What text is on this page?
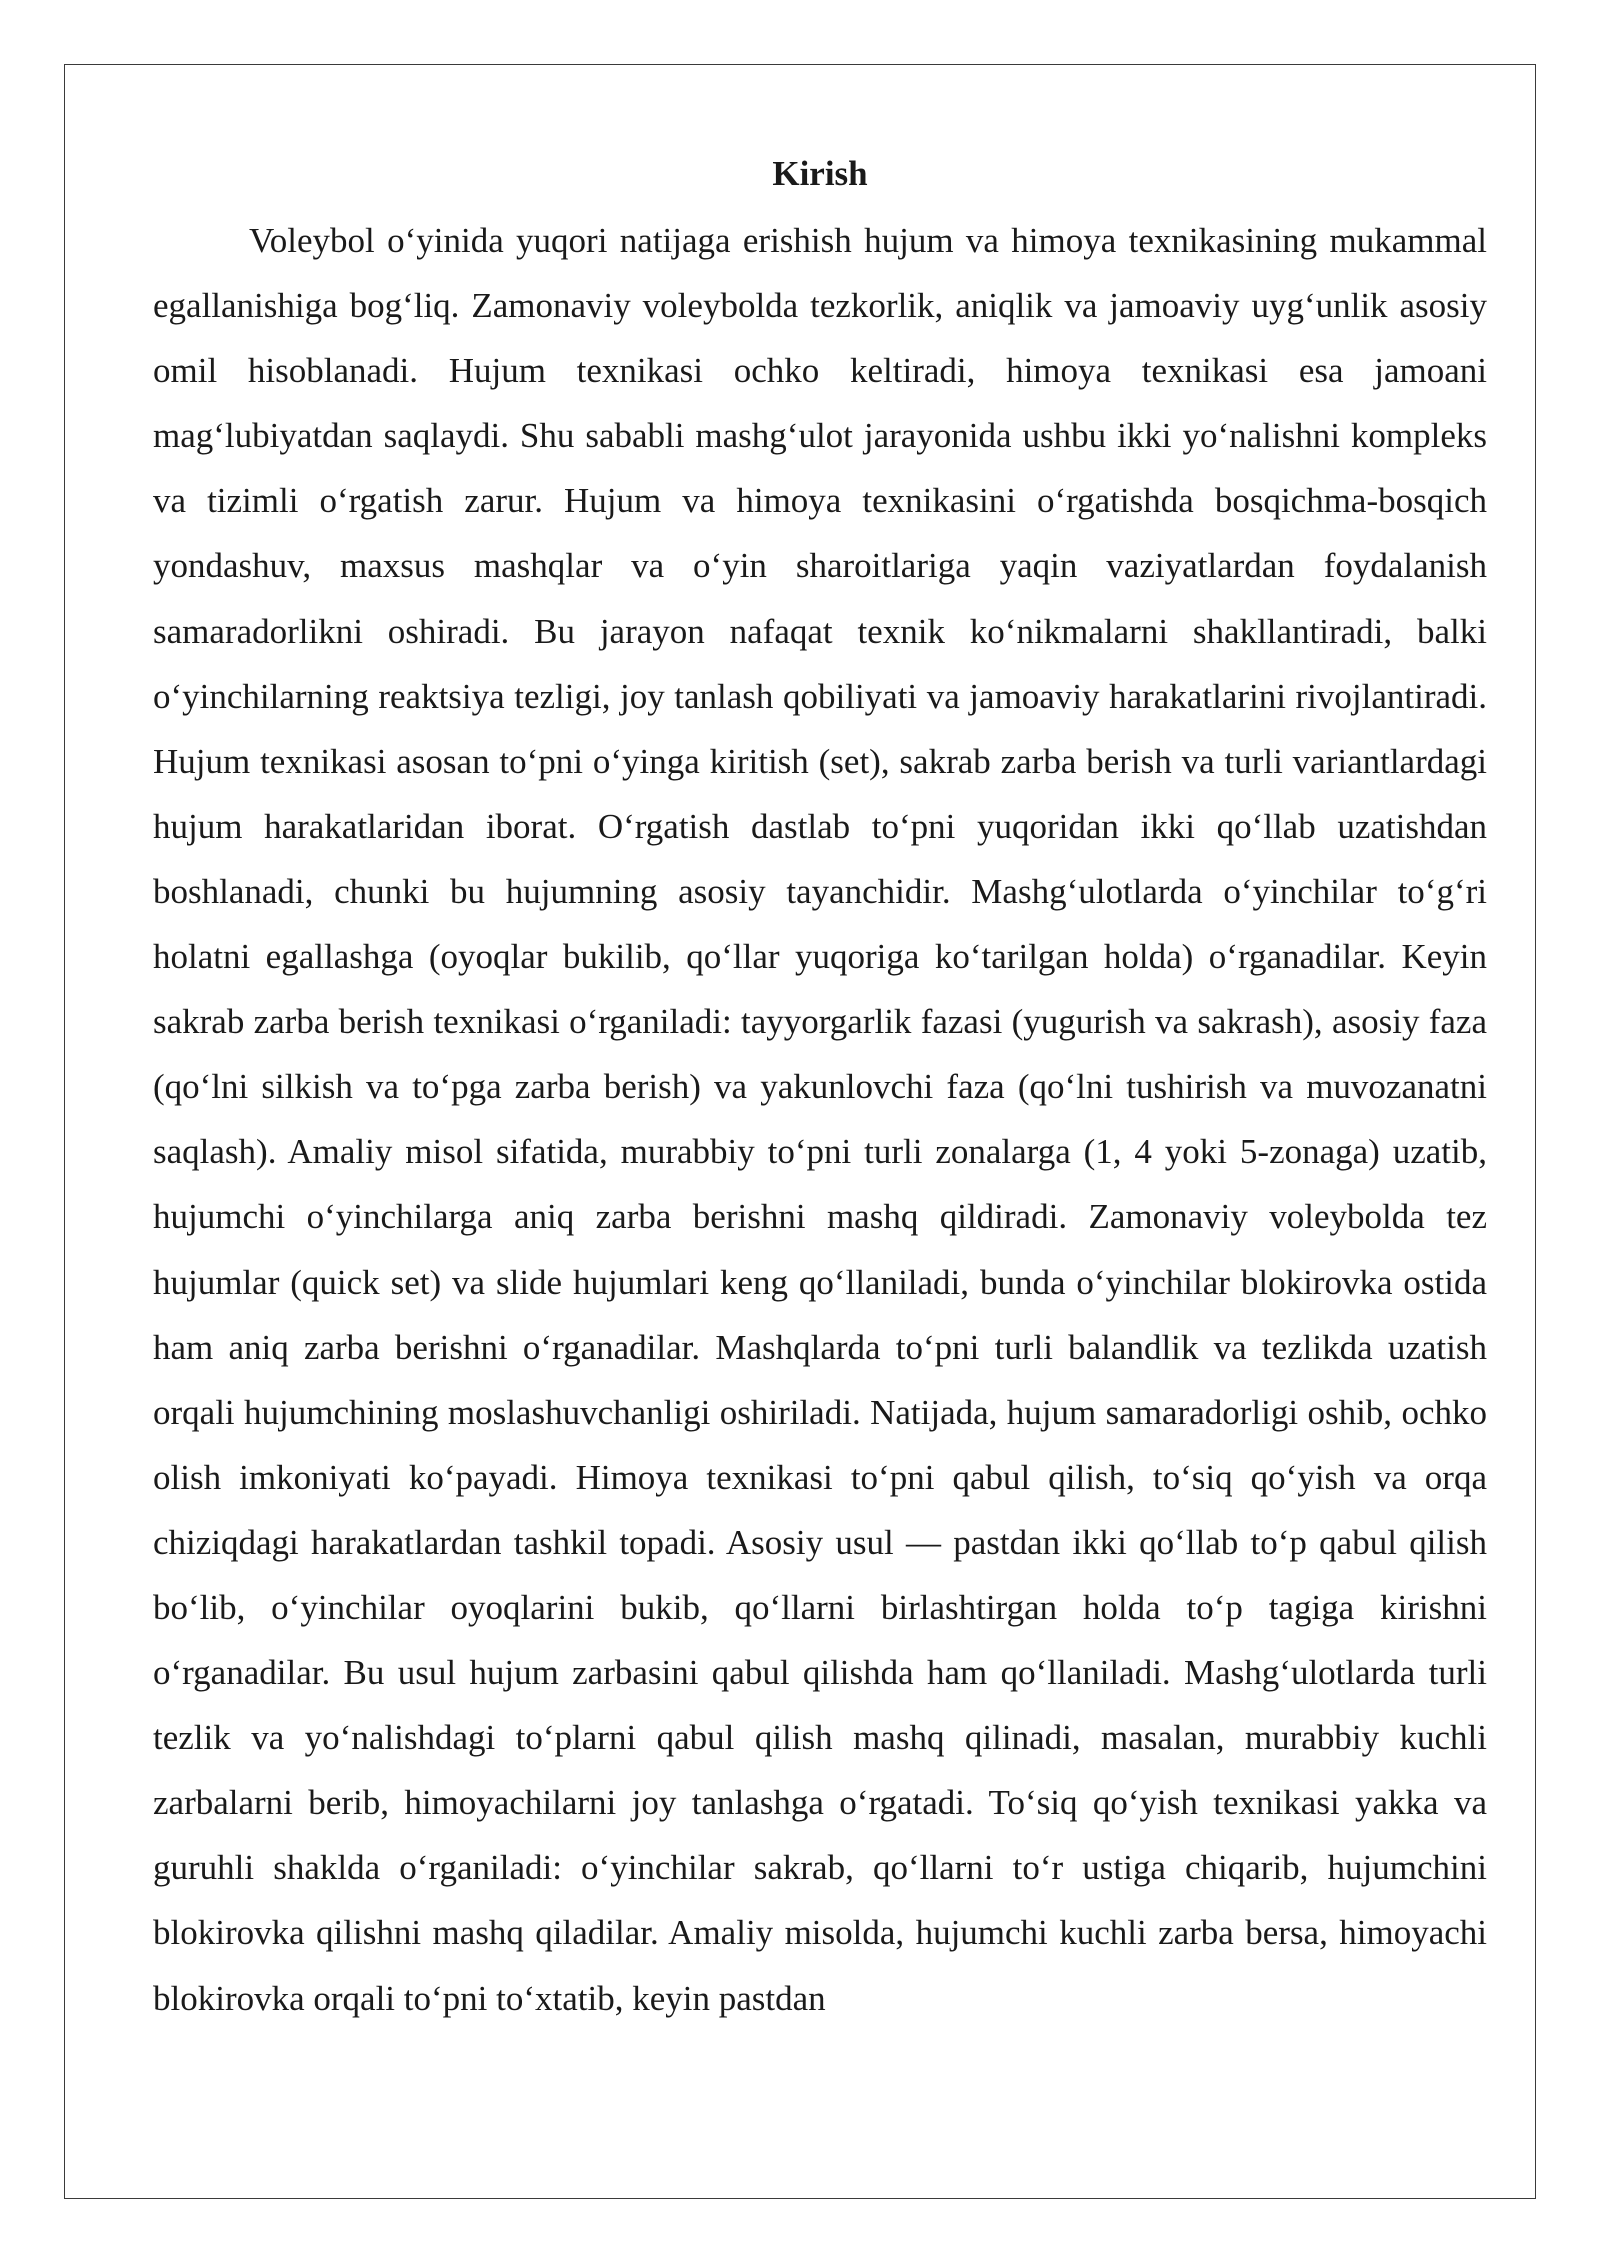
Kirish

Voleybol o‘yinida yuqori natijaga erishish hujum va himoya texnikasining mukammal egallanishiga bog‘liq. Zamonaviy voleybolda tezkorlik, aniqlik va jamoaviy uyg‘unlik asosiy omil hisoblanadi. Hujum texnikasi ochko keltiradi, himoya texnikasi esa jamoani mag‘lubiyatdan saqlaydi. Shu sababli mashg‘ulot jarayonida ushbu ikki yo‘nalishni kompleks va tizimli o‘rgatish zarur. Hujum va himoya texnikasini o‘rgatishda bosqichma-bosqich yondashuv, maxsus mashqlar va o‘yin sharoitlariga yaqin vaziyatlardan foydalanish samaradorlikni oshiradi. Bu jarayon nafaqat texnik ko‘nikmalarni shakllantiradi, balki o‘yinchilarning reaktsiya tezligi, joy tanlash qobiliyati va jamoaviy harakatlarini rivojlantiradi. Hujum texnikasi asosan to‘pni o‘yinga kiritish (set), sakrab zarba berish va turli variantlardagi hujum harakatlaridan iborat. O‘rgatish dastlab to‘pni yuqoridan ikki qo‘llab uzatishdan boshlanadi, chunki bu hujumning asosiy tayanchidir. Mashg‘ulotlarda o‘yinchilar to‘g‘ri holatni egallashga (oyoqlar bukilib, qo‘llar yuqoriga ko‘tarilgan holda) o‘rganadilar. Keyin sakrab zarba berish texnikasi o‘rganiladi: tayyorgarlik fazasi (yugurish va sakrash), asosiy faza (qo‘lni silkish va to‘pga zarba berish) va yakunlovchi faza (qo‘lni tushirish va muvozanatni saqlash). Amaliy misol sifatida, murabbiy to‘pni turli zonalarga (1, 4 yoki 5-zonaga) uzatib, hujumchi o‘yinchilarga aniq zarba berishni mashq qildiradi. Zamonaviy voleybolda tez hujumlar (quick set) va slide hujumlari keng qo‘llaniladi, bunda o‘yinchilar blokirovka ostida ham aniq zarba berishni o‘rganadilar. Mashqlarda to‘pni turli balandlik va tezlikda uzatish orqali hujumchining moslashuvchanligi oshiriladi. Natijada, hujum samaradorligi oshib, ochko olish imkoniyati ko‘payadi. Himoya texnikasi to‘pni qabul qilish, to‘siq qo‘yish va orqa chiziqdagi harakatlardan tashkil topadi. Asosiy usul — pastdan ikki qo‘llab to‘p qabul qilish bo‘lib, o‘yinchilar oyoqlarini bukib, qo‘llarni birlashtirgan holda to‘p tagiga kirishni o‘rganadilar. Bu usul hujum zarbasini qabul qilishda ham qo‘llaniladi. Mashg‘ulotlarda turli tezlik va yo‘nalishdagi to‘plarni qabul qilish mashq qilinadi, masalan, murabbiy kuchli zarbalarni berib, himoyachilarni joy tanlashga o‘rgatadi. To‘siq qo‘yish texnikasi yakka va guruhli shaklda o‘rganiladi: o‘yinchilar sakrab, qo‘llarni to‘r ustiga chiqarib, hujumchini blokirovka qilishni mashq qiladilar. Amaliy misolda, hujumchi kuchli zarba bersa, himoyachi blokirovka orqali to‘pni to‘xtatib, keyin pastdan
